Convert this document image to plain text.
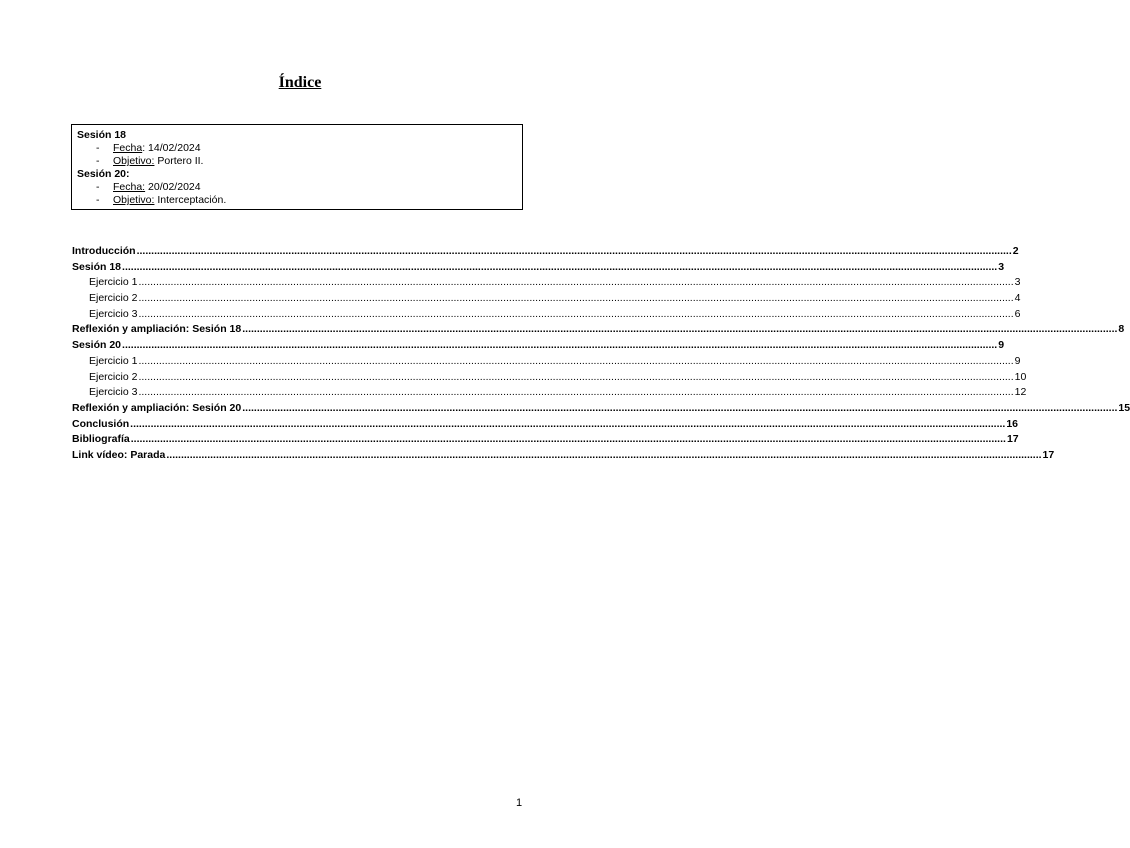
Índice
Sesión 18
-	Fecha : 14/02/2024
-	Objetivo: Portero II.
Sesión 20:
-	Fecha:
20/02/2024
-	Objetivo: Interceptación.
Introducción ............................................................................................................................................................................................................................................................................................................ 2
Sesión 18 ............................................................................................................................................................................................................................................................................................................ 3
Ejercicio 1 ............................................................................................................................................................................................................................................................................................................ 3
Ejercicio 2 ............................................................................................................................................................................................................................................................................................................ 4
Ejercicio 3 ............................................................................................................................................................................................................................................................................................................ 6
Reflexión y ampliación: Sesión 18 ............................................................................................................................................................................................................................................................................................................ 8
Sesión 20 ............................................................................................................................................................................................................................................................................................................ 9
Ejercicio 1 ............................................................................................................................................................................................................................................................................................................ 9
Ejercicio 2 ............................................................................................................................................................................................................................................................................................................ 10
Ejercicio 3 ............................................................................................................................................................................................................................................................................................................ 12
Reflexión y ampliación: Sesión 20 ............................................................................................................................................................................................................................................................................................................ 15
Conclusión ............................................................................................................................................................................................................................................................................................................ 16
Bibliografía ............................................................................................................................................................................................................................................................................................................ 17
Link vídeo: Parada ............................................................................................................................................................................................................................................................................................................ 17
1
